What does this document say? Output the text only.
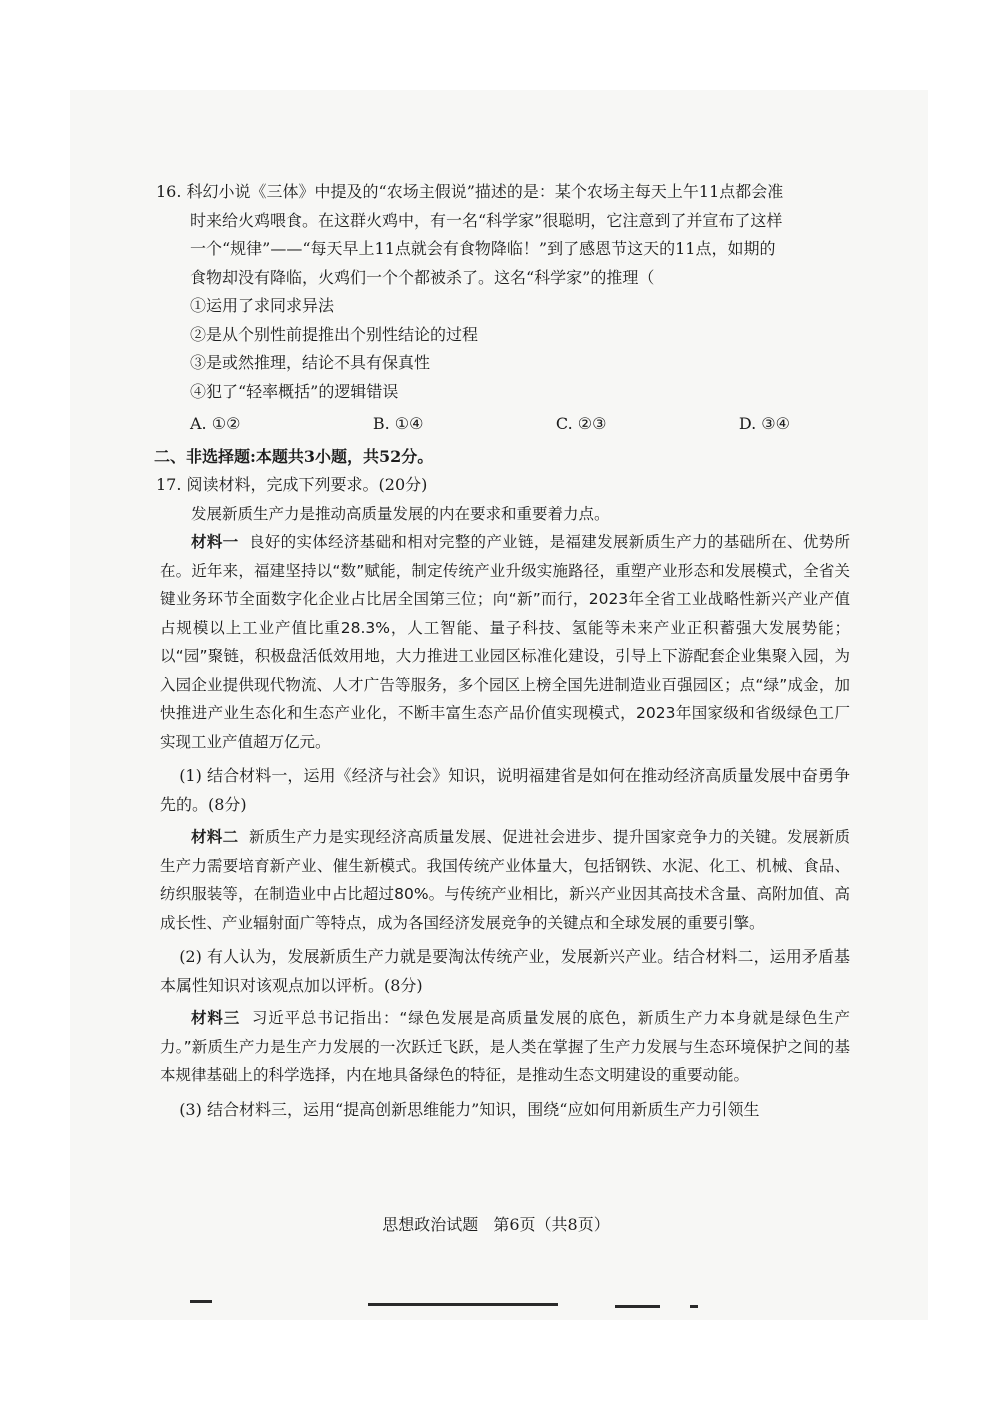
16. 科幻小说《三体》中提及的“农场主假说”描述的是：某个农场主每天上午11点都会准
时来给火鸡喂食。在这群火鸡中，有一名“科学家”很聪明，它注意到了并宣布了这样
一个“规律”——“每天早上11点就会有食物降临！”到了感恩节这天的11点，如期的
食物却没有降临，火鸡们一个个都被杀了。这名“科学家”的推理（
①运用了求同求异法
②是从个别性前提推出个别性结论的过程
③是或然推理，结论不具有保真性
④犯了“轻率概括”的逻辑错误
A. ①②	B. ①④	C. ②③	D. ③④
二、非选择题:本题共3小题，共52分。
17. 阅读材料，完成下列要求。(20分)

发展新质生产力是推动高质量发展的内在要求和重要着力点。

材料一 良好的实体经济基础和相对完整的产业链，是福建发展新质生产力的基础所在、优势所在。近年来，福建坚持以“数”赋能，制定传统产业升级实施路径，重塑产业形态和发展模式，全省关键业务环节全面数字化企业占比居全国第三位；向“新”而行，2023年全省工业战略性新兴产业产值占规模以上工业产值比重28.3%，人工智能、量子科技、氢能等未来产业正积蓄强大发展势能；以“园”聚链，积极盘活低效用地，大力推进工业园区标准化建设，引导上下游配套企业集聚入园，为入园企业提供现代物流、人才广告等服务，多个园区上榜全国先进制造业百强园区；点“绿”成金，加快推进产业生态化和生态产业化，不断丰富生态产品价值实现模式，2023年国家级和省级绿色工厂实现工业产值超万亿元。

(1) 结合材料一，运用《经济与社会》知识，说明福建省是如何在推动经济高质量发展中奋勇争先的。(8分)

材料二 新质生产力是实现经济高质量发展、促进社会进步、提升国家竞争力的关键。发展新质生产力需要培育新产业、催生新模式。我国传统产业体量大，包括钢铁、水泥、化工、机械、食品、纺织服装等，在制造业中占比超过80%。与传统产业相比，新兴产业因其高技术含量、高附加值、高成长性、产业辐射面广等特点，成为各国经济发展竞争的关键点和全球发展的重要引擎。

(2) 有人认为，发展新质生产力就是要淘汰传统产业，发展新兴产业。结合材料二，运用矛盾基本属性知识对该观点加以评析。(8分)

材料三 习近平总书记指出：“绿色发展是高质量发展的底色，新质生产力本身就是绿色生产力。”新质生产力是生产力发展的一次跃迁飞跃，是人类在掌握了生产力发展与生态环境保护之间的基本规律基础上的科学选择，内在地具备绿色的特征，是推动生态文明建设的重要动能。

(3) 结合材料三，运用“提高创新思维能力”知识，围绕“应如何用新质生产力引领生

思想政治试题 第6页（共8页）
